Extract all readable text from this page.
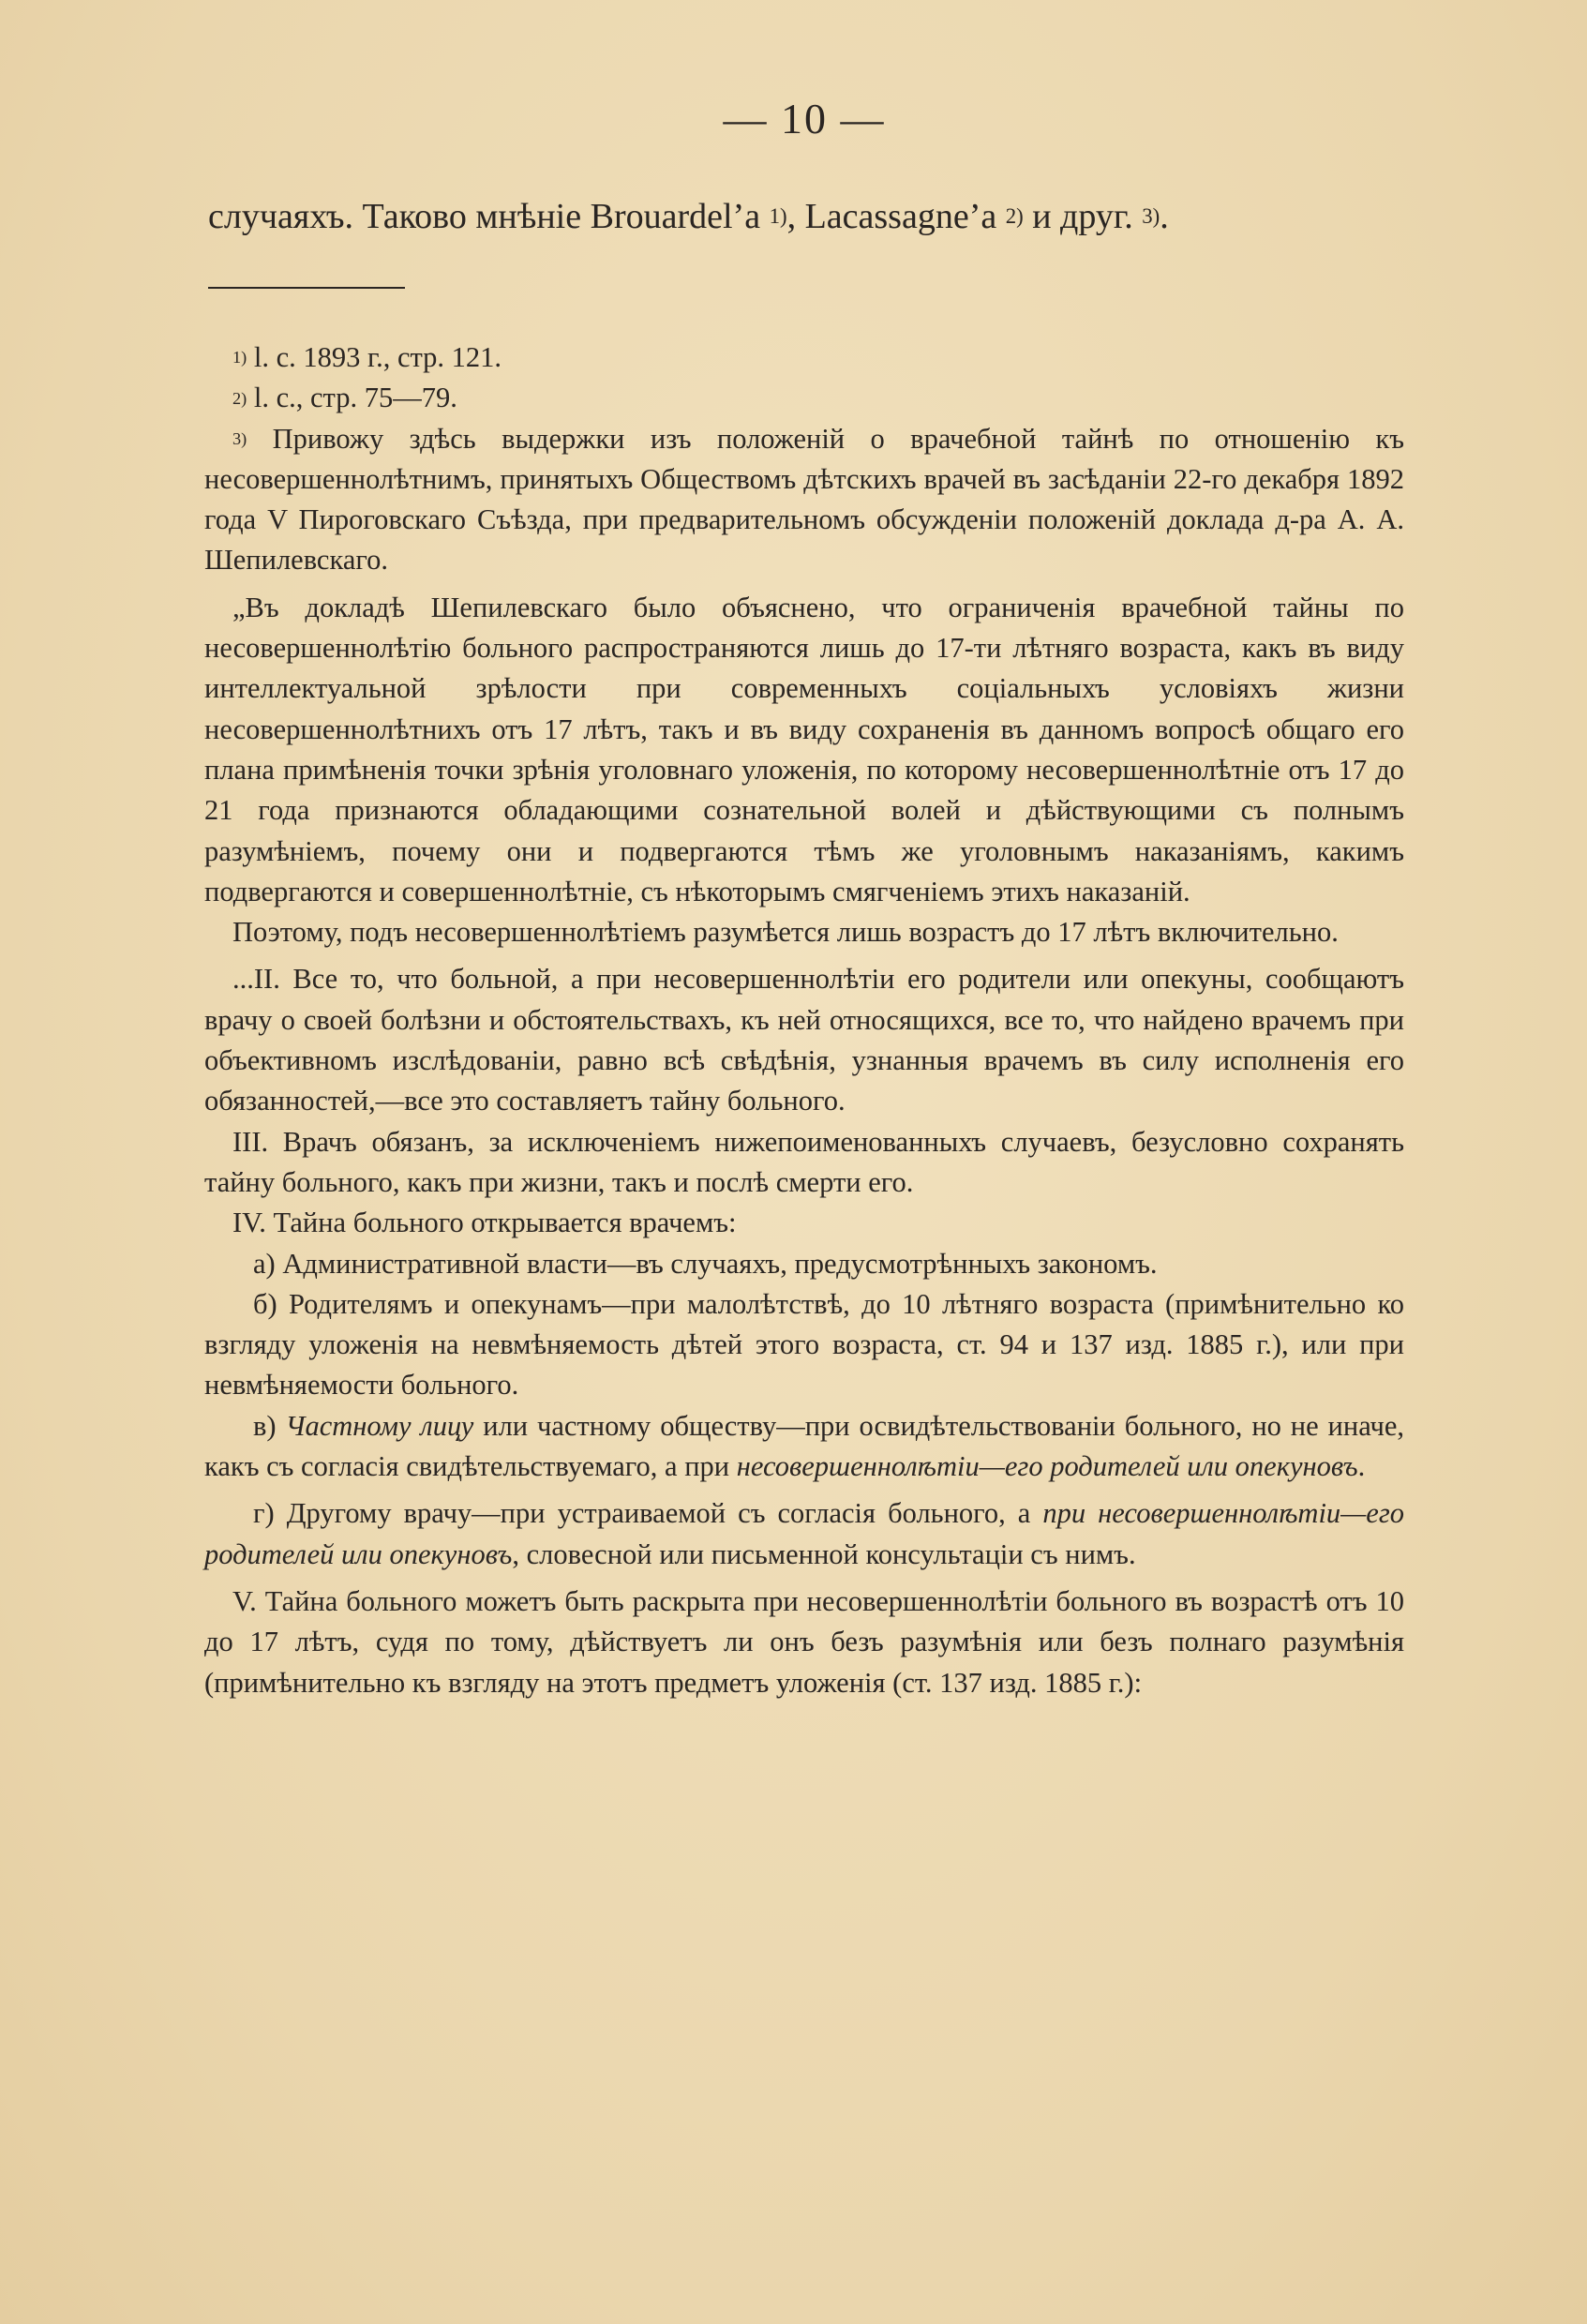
— 10 —
случаяхъ. Таково мнѣніе Brouardel’a $^{1)}$, Lacassagne’a $^{2)}$ и друг. $^{3)}$.

$^{1)}$ l. c. 1893 г., стр. 121.

$^{2)}$ l. c., стр. 75—79.

$^{3)}$ Привожу здѣсь выдержки изъ положеній о врачебной тайнѣ по отношенію къ несовершеннолѣтнимъ, принятыхъ Обществомъ дѣтскихъ врачей въ засѣданіи 22-го декабря 1892 года V Пироговскаго Съѣзда, при предварительномъ обсужденіи положеній доклада д-ра А. А. Шепилевскаго.

„Въ докладѣ Шепилевскаго было объяснено, что ограниченія врачебной тайны по несовершеннолѣтію больного распространяются лишь до 17-ти лѣтняго возраста, какъ въ виду интеллектуальной зрѣлости при современныхъ соціальныхъ условіяхъ жизни несовершеннолѣтнихъ отъ 17 лѣтъ, такъ и въ виду сохраненія въ данномъ вопросѣ общаго его плана примѣненія точки зрѣнія уголовнаго уложенія, по которому несовершеннолѣтніе отъ 17 до 21 года признаются обладающими сознательной волей и дѣйствующими съ полнымъ разумѣніемъ, почему они и подвергаются тѣмъ же уголовнымъ наказаніямъ, какимъ подвергаются и совершеннолѣтніе, съ нѣкоторымъ смягченіемъ этихъ наказаній.

Поэтому, подъ несовершеннолѣтіемъ разумѣется лишь возрастъ до 17 лѣтъ включительно.

...II. Все то, что больной, а при несовершеннолѣтіи его родители или опекуны, сообщаютъ врачу о своей болѣзни и обстоятельствахъ, къ ней относящихся, все то, что найдено врачемъ при объективномъ изслѣдованіи, равно всѣ свѣдѣнія, узнанныя врачемъ въ силу исполненія его обязанностей,—все это составляетъ тайну больного.

III. Врачъ обязанъ, за исключеніемъ нижепоименованныхъ случаевъ, безусловно сохранять тайну больного, какъ при жизни, такъ и послѣ смерти его.

IV. Тайна больного открывается врачемъ:

а) Административной власти—въ случаяхъ, предусмотрѣнныхъ закономъ.

б) Родителямъ и опекунамъ—при малолѣтствѣ, до 10 лѣтняго возраста (примѣнительно ко взгляду уложенія на невмѣняемость дѣтей этого возраста, ст. 94 и 137 изд. 1885 г.), или при невмѣняемости больного.

в) Частному лицу или частному обществу—при освидѣтельствованіи больного, но не иначе, какъ съ согласія свидѣтельствуемаго, а при несовершеннолѣтіи—его родителей или опекуновъ.

г) Другому врачу—при устраиваемой съ согласія больного, а при несовершеннолѣтіи—его родителей или опекуновъ, словесной или письменной консультаціи съ нимъ.

V. Тайна больного можетъ быть раскрыта при несовершеннолѣтіи больного въ возрастѣ отъ 10 до 17 лѣтъ, судя по тому, дѣйствуетъ ли онъ безъ разумѣнія или безъ полнаго разумѣнія (примѣнительно къ взгляду на этотъ предметъ уложенія (ст. 137 изд. 1885 г.):
